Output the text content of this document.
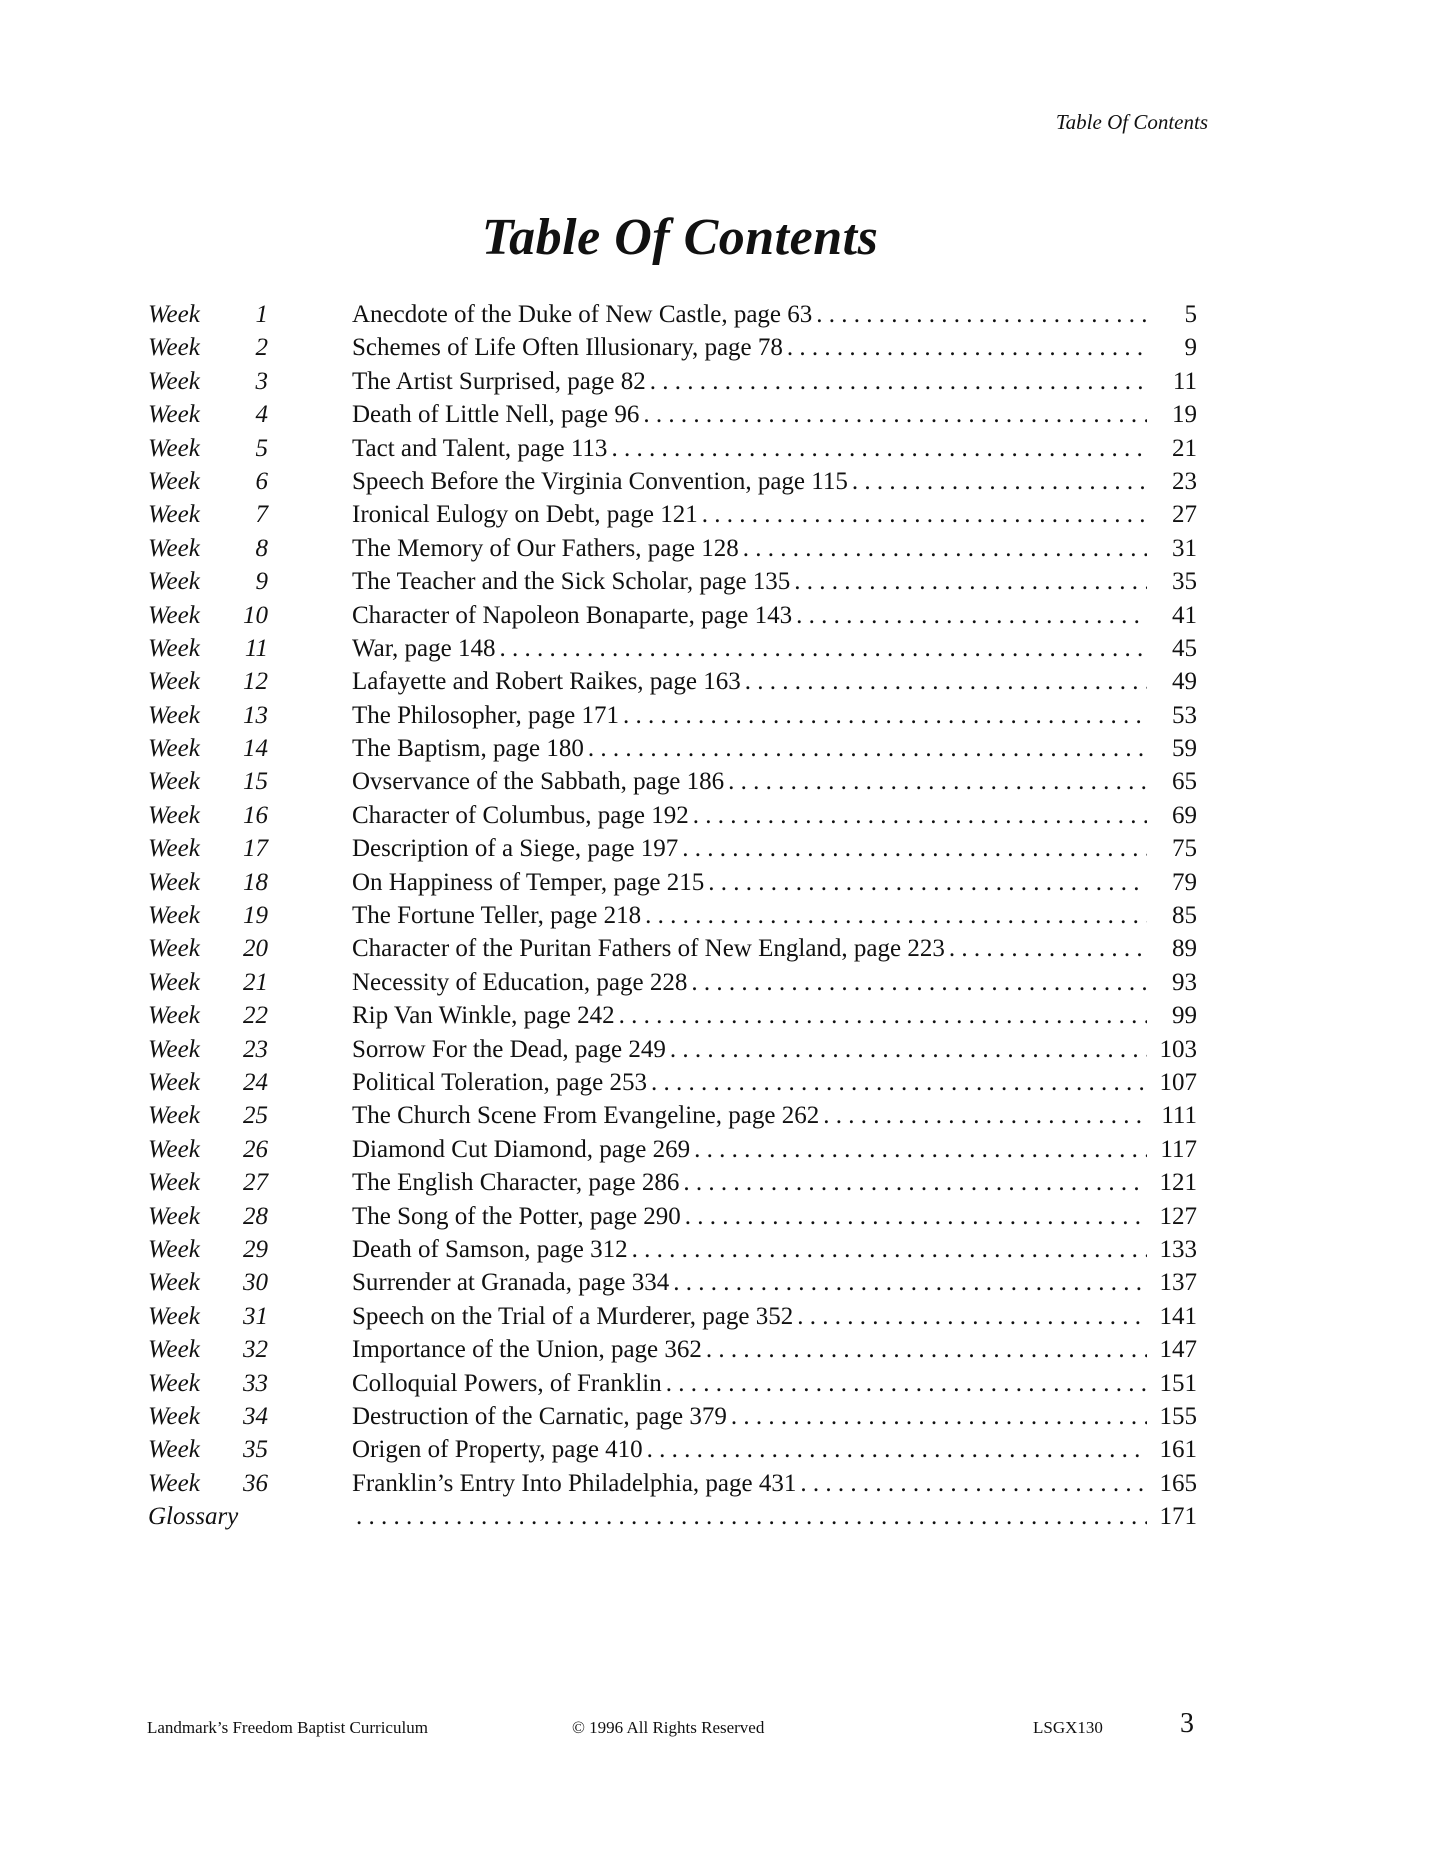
Table Of Contents
Table Of Contents
Week 1	Anecdote of the Duke of New Castle, page 63 . . .	5
Week 2	Schemes of Life Often Illusionary, page 78 . . .	9
Week 3	The Artist Surprised, page 82 . . .	11
Week 4	Death of Little Nell, page 96 . . .	19
Week 5	Tact and Talent, page 113 . . .	21
Week 6	Speech Before the Virginia Convention, page 115 . . .	23
Week 7	Ironical Eulogy on Debt, page 121 . . .	27
Week 8	The Memory of Our Fathers, page 128 . . .	31
Week 9	The Teacher and the Sick Scholar, page 135 . . .	35
Week 10	Character of Napoleon Bonaparte, page 143 . . .	41
Week 11	War, page 148 . . .	45
Week 12	Lafayette and Robert Raikes, page 163 . . .	49
Week 13	The Philosopher, page 171 . . .	53
Week 14	The Baptism, page 180 . . .	59
Week 15	Ovservance of the Sabbath, page 186 . . .	65
Week 16	Character of Columbus, page 192 . . .	69
Week 17	Description of a Siege, page 197 . . .	75
Week 18	On Happiness of Temper, page 215 . . .	79
Week 19	The Fortune Teller, page 218 . . .	85
Week 20	Character of the Puritan Fathers of New England, page 223 . . .	89
Week 21	Necessity of Education, page 228 . . .	93
Week 22	Rip Van Winkle, page 242 . . .	99
Week 23	Sorrow For the Dead, page 249 . . .	103
Week 24	Political Toleration, page 253 . . .	107
Week 25	The Church Scene From Evangeline, page 262 . . .	111
Week 26	Diamond Cut Diamond, page 269 . . .	117
Week 27	The English Character, page 286 . . .	121
Week 28	The Song of the Potter, page 290 . . .	127
Week 29	Death of Samson, page 312 . . .	133
Week 30	Surrender at Granada, page 334 . . .	137
Week 31	Speech on the Trial of a Murderer, page 352 . . .	141
Week 32	Importance of the Union, page 362 . . .	147
Week 33	Colloquial Powers, of Franklin . . .	151
Week 34	Destruction of the Carnatic, page 379 . . .	155
Week 35	Origen of Property, page 410 . . .	161
Week 36	Franklin’s Entry Into Philadelphia, page 431 . . .	165
Glossary . . .	171
Landmark’s Freedom Baptist Curriculum	© 1996 All Rights Reserved	LSGX130	3
